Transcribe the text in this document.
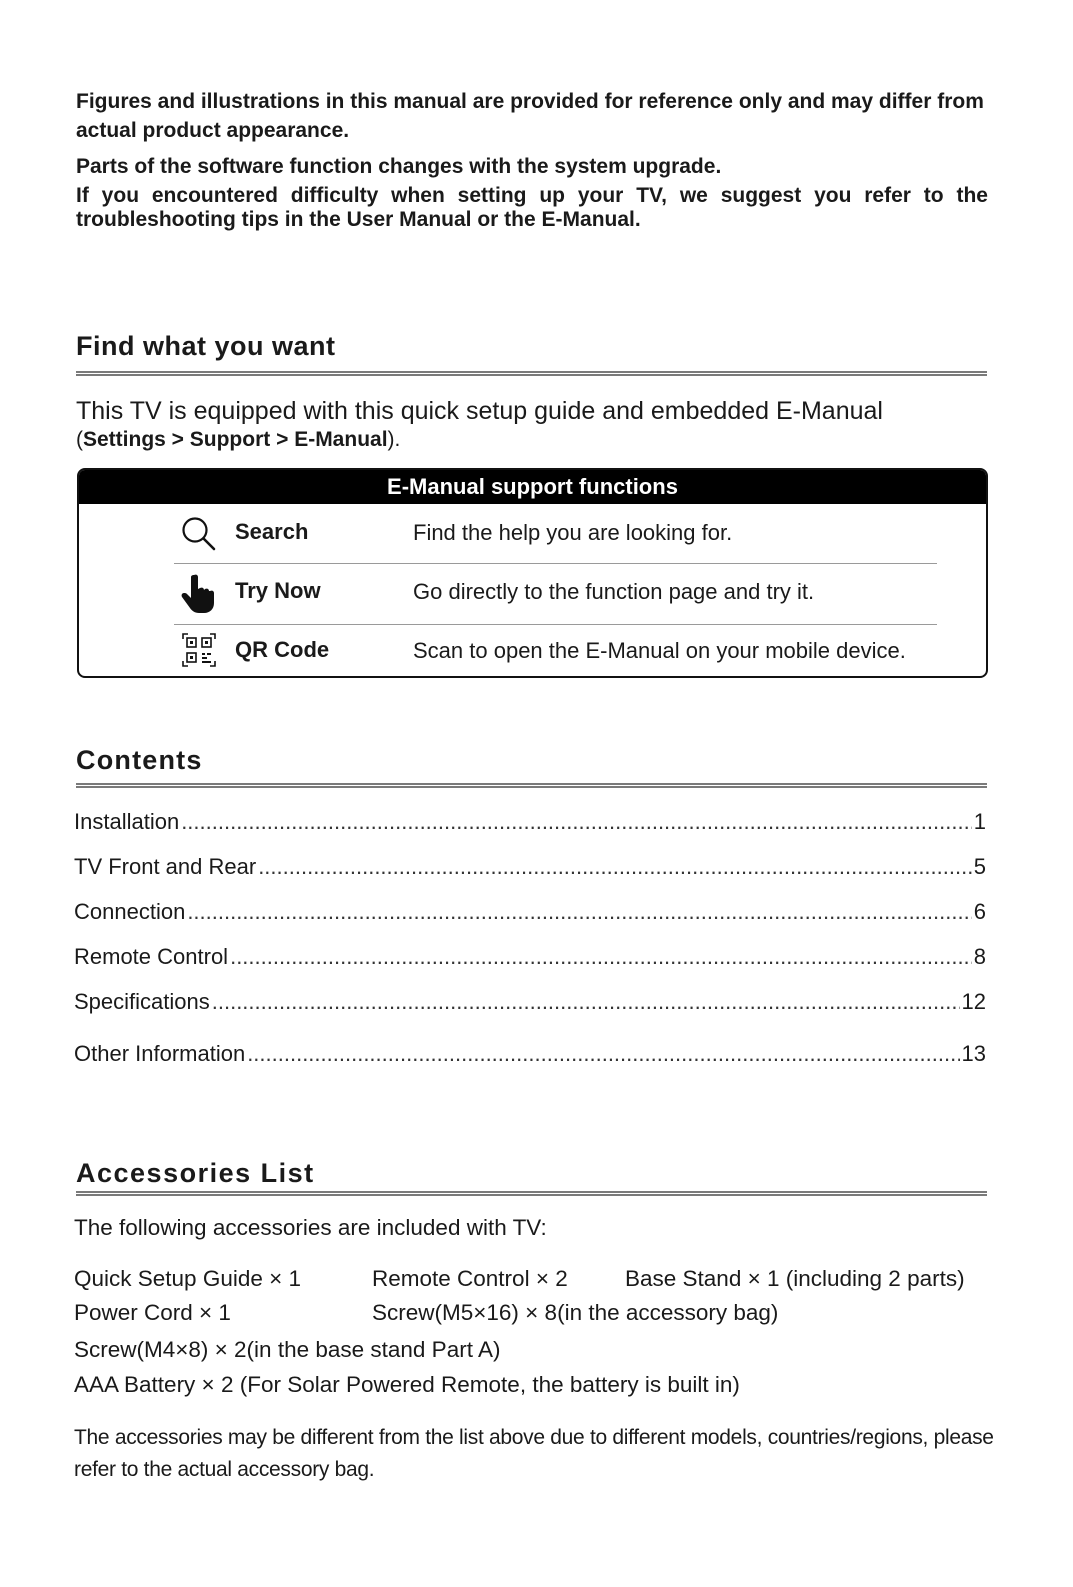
Figures and illustrations in this manual are provided for reference only and may differ from actual product appearance.
Parts of the software function changes with the system upgrade.
If you encountered difficulty when setting up your TV, we suggest you refer to the troubleshooting tips in the User Manual or the E-Manual.
Find what you want
This TV is equipped with this quick setup guide and embedded E-Manual
(Settings > Support > E-Manual).
E-Manual support functions
Search	Find the help you are looking for.
Try Now	Go directly to the function page and try it.
QR Code	Scan to open the E-Manual on your mobile device.
Contents
Installation .....	1
TV Front and Rear .....	5
Connection .....	6
Remote Control .....	8
Specifications .....	12
Other Information .....	13
Accessories List
The following accessories are included with TV:
Quick Setup Guide × 1	Remote Control × 2	Base Stand × 1 (including 2 parts)
Power Cord × 1	Screw(M5×16) × 8(in the accessory bag)
Screw(M4×8) × 2(in the base stand Part A)
AAA Battery × 2 (For Solar Powered Remote, the battery is built in)
The accessories may be different from the list above due to different models, countries/regions, please refer to the actual accessory bag.
